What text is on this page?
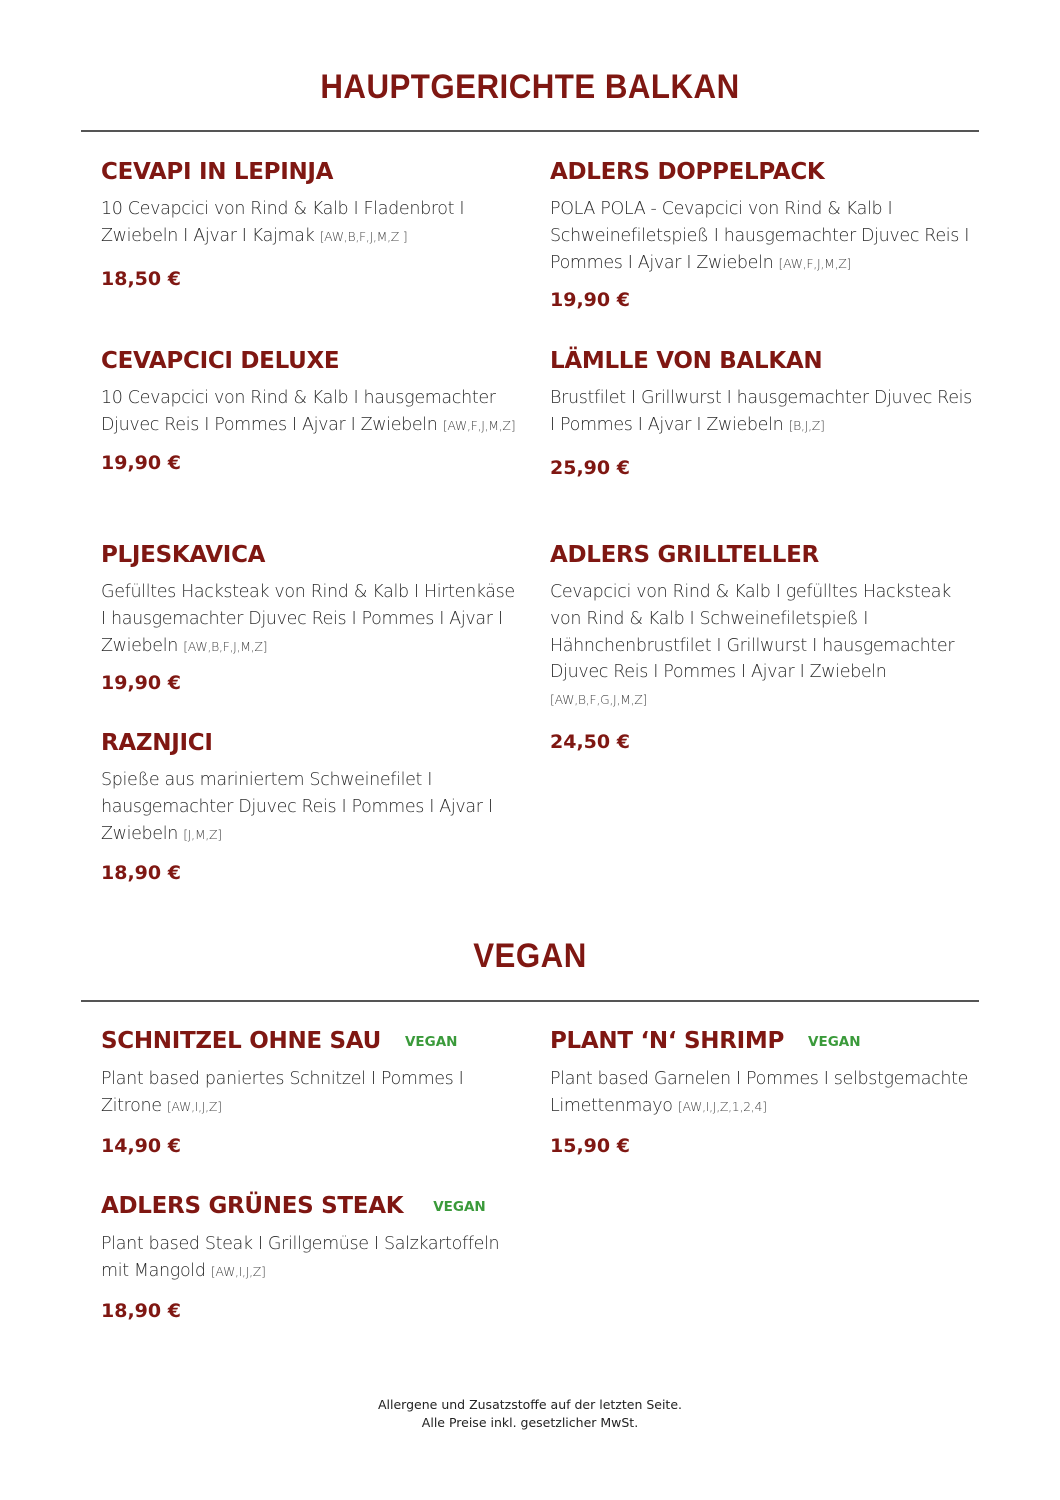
HAUPTGERICHTE BALKAN
CEVAPI IN LEPINJA
10 Cevapcici von Rind & Kalb I Fladenbrot I Zwiebeln I Ajvar I Kajmak [AW,B,F,J,M,Z ]
18,50 €
ADLERS DOPPELPACK
POLA POLA - Cevapcici von Rind & Kalb I Schweinefiletspieß I hausgemachter Djuvec Reis I Pommes I Ajvar I Zwiebeln [AW,F,J,M,Z]
19,90 €
CEVAPCICI DELUXE
10 Cevapcici von Rind & Kalb I hausgemachter Djuvec Reis I Pommes I Ajvar I Zwiebeln [AW,F,J,M,Z]
19,90 €
LÄMLLE VON BALKAN
Brustfilet I Grillwurst I hausgemachter Djuvec Reis I Pommes I Ajvar I Zwiebeln [B,J,Z]
25,90 €
PLJESKAVICA
Gefülltes Hacksteak von Rind & Kalb I Hirtenkäse I hausgemachter Djuvec Reis I Pommes I Ajvar I Zwiebeln [AW,B,F,J,M,Z]
19,90 €
ADLERS GRILLTELLER
Cevapcici von Rind & Kalb I gefülltes Hacksteak von Rind & Kalb I Schweinefiletspieß I Hähnchenbrustfilet I Grillwurst I hausgemachter Djuvec Reis I Pommes I Ajvar I Zwiebeln [AW,B,F,G,J,M,Z]
24,50 €
RAZNJICI
Spieße aus mariniertem Schweinefilet I hausgemachter Djuvec Reis I Pommes I Ajvar I Zwiebeln [J,M,Z]
18,90 €
VEGAN
SCHNITZEL OHNE SAU VEGAN
Plant based paniertes Schnitzel I Pommes I Zitrone [AW,I,J,Z]
14,90 €
PLANT ‘N‘ SHRIMP VEGAN
Plant based Garnelen I Pommes I selbstgemachte Limettenmayo [AW,I,J,Z,1,2,4]
15,90 €
ADLERS GRÜNES STEAK VEGAN
Plant based Steak I Grillgemüse I Salzkartoffeln mit Mangold [AW,I,J,Z]
18,90 €
Allergene und Zusatzstoffe auf der letzten Seite.
Alle Preise inkl. gesetzlicher MwSt.
